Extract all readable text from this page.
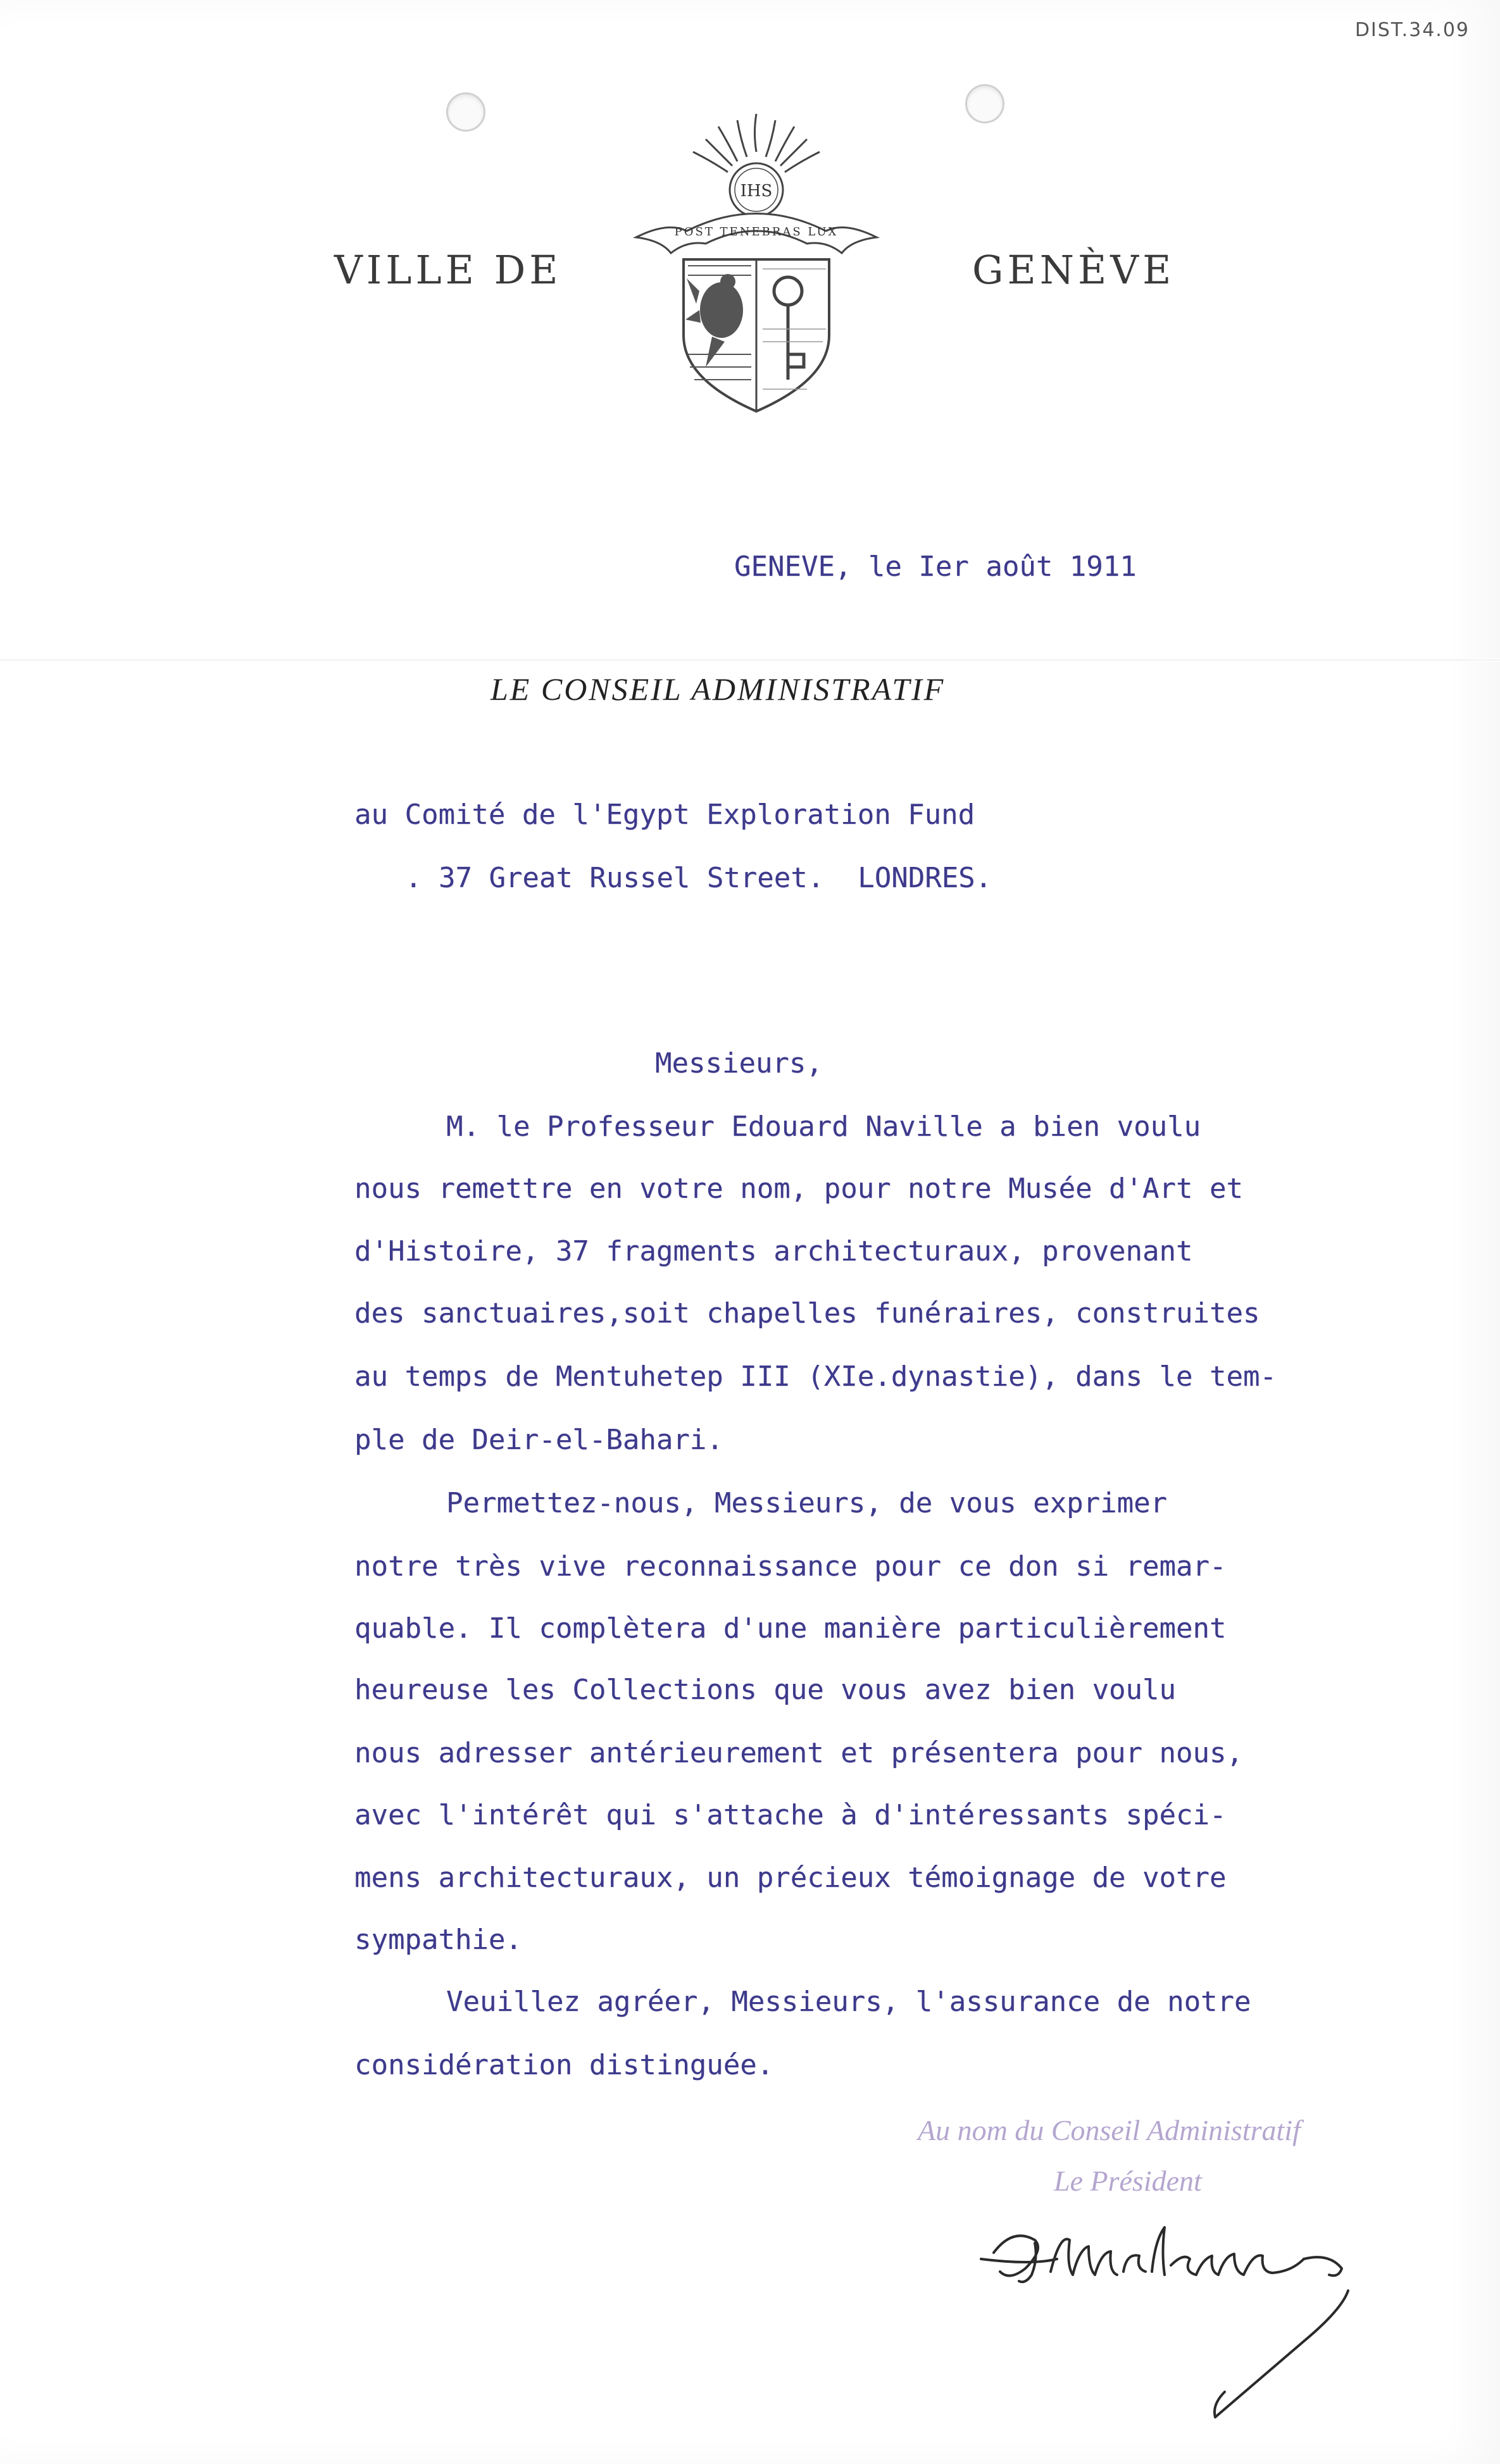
DIST.34.09
VILLE DE	GENÈVE
IHS
POST TENEBRAS LUX
GENEVE, le Ier août 1911
LE CONSEIL ADMINISTRATIF
au Comité de l'Egypt Exploration Fund
. 37 Great Russel Street.  LONDRES.
Messieurs,
M. le Professeur Edouard Naville a bien voulu
nous remettre en votre nom, pour notre Musée d'Art et
d'Histoire, 37 fragments architecturaux, provenant
des sanctuaires,soit chapelles funéraires, construites
au temps de Mentuhetep III (XIe.dynastie), dans le tem-
ple de Deir-el-Bahari.
Permettez-nous, Messieurs, de vous exprimer
notre très vive reconnaissance pour ce don si remar-
quable. Il complètera d'une manière particulièrement
heureuse les Collections que vous avez bien voulu
nous adresser antérieurement et présentera pour nous,
avec l'intérêt qui s'attache à d'intéressants spéci-
mens architecturaux, un précieux témoignage de votre
sympathie.
Veuillez agréer, Messieurs, l'assurance de notre
considération distinguée.
Au nom du Conseil Administratif
Le Président
